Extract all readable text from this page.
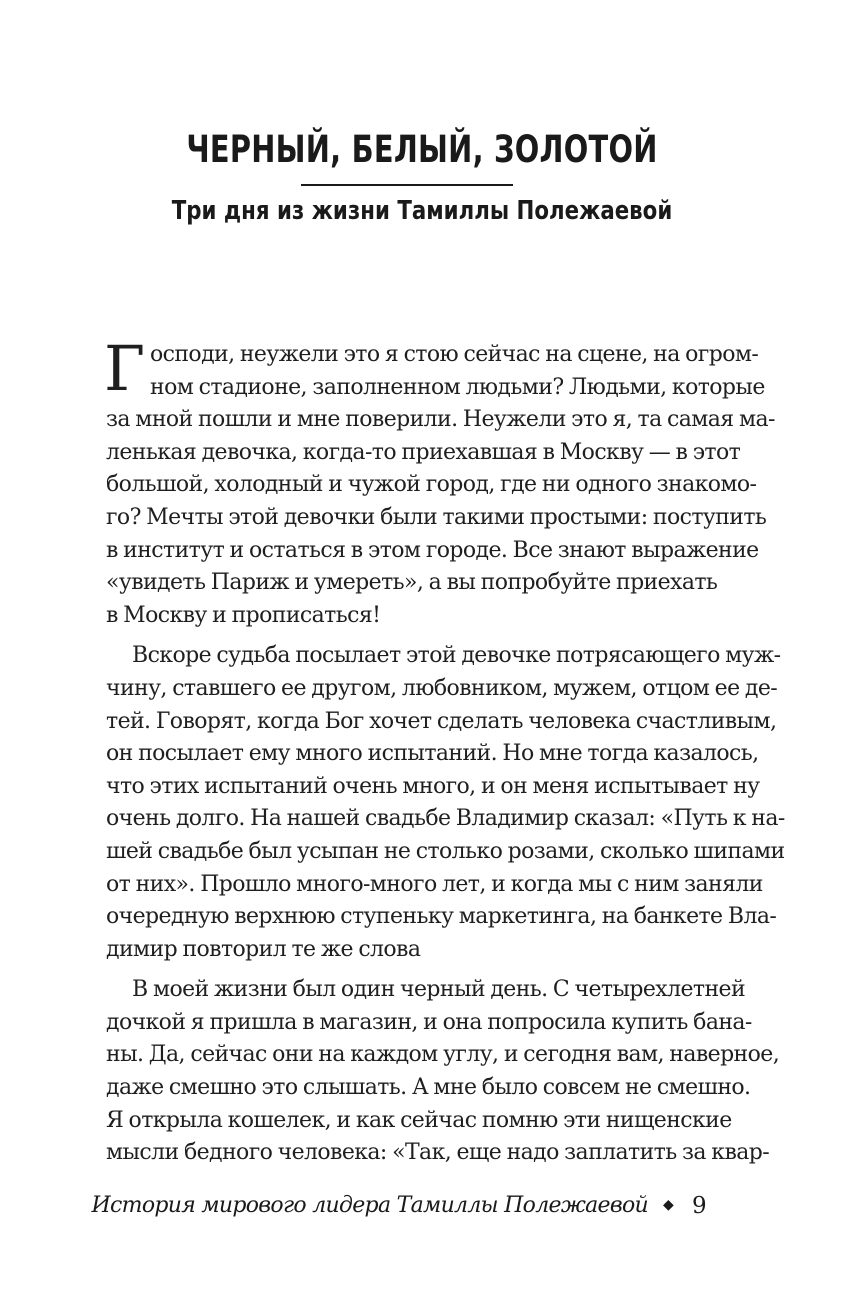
ЧЕРНЫЙ, БЕЛЫЙ, ЗОЛОТОЙ
Три дня из жизни Тамиллы Полежаевой
Г осподи, неужели это я стою сейчас на сцене, на огром-
ном стадионе, заполненном людьми? Людьми, которые
за мной пошли и мне поверили. Неужели это я, та самая ма-
ленькая девочка, когда-то приехавшая в Москву — в этот
большой, холодный и чужой город, где ни одного знакомо-
го? Мечты этой девочки были такими простыми: поступить
в институт и остаться в этом городе. Все знают выражение
«увидеть Париж и умереть», а вы попробуйте приехать
в Москву и прописаться!
Вскоре судьба посылает этой девочке потрясающего муж-
чину, ставшего ее другом, любовником, мужем, отцом ее де-
тей. Говорят, когда Бог хочет сделать человека счастливым,
он посылает ему много испытаний. Но мне тогда казалось,
что этих испытаний очень много, и он меня испытывает ну
очень долго. На нашей свадьбе Владимир сказал: «Путь к на-
шей свадьбе был усыпан не столько розами, сколько шипами
от них». Прошло много-много лет, и когда мы с ним заняли
очередную верхнюю ступеньку маркетинга, на банкете Вла-
димир повторил те же слова
В моей жизни был один черный день. С четырехлетней
дочкой я пришла в магазин, и она попросила купить бана-
ны. Да, сейчас они на каждом углу, и сегодня вам, наверное,
даже смешно это слышать. А мне было совсем не смешно.
Я открыла кошелек, и как сейчас помню эти нищенские
мысли бедного человека: «Так, еще надо заплатить за квар-
История мирового лидера Тамиллы Полежаевой ◆ 9
